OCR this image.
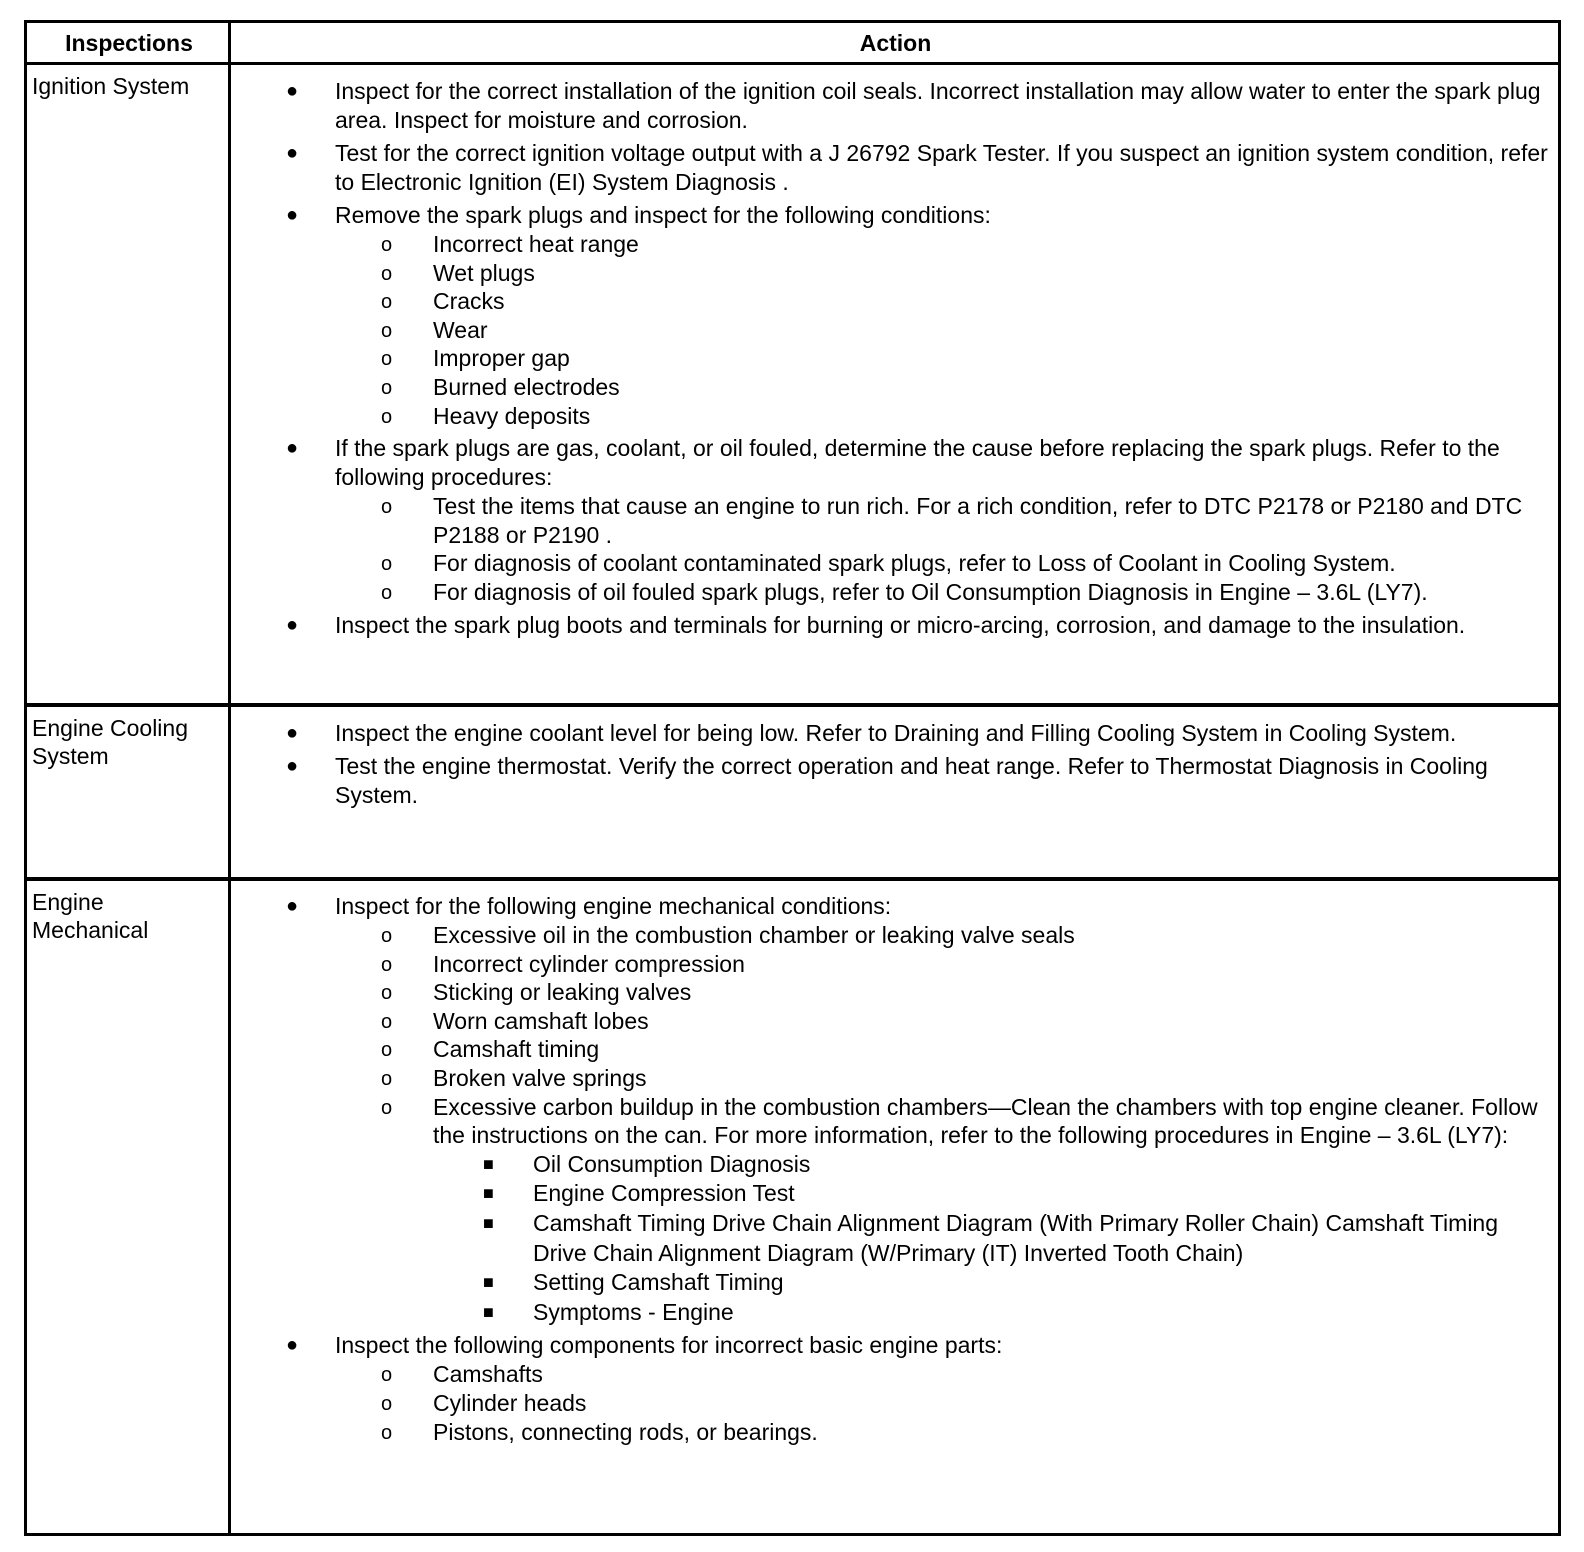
Inspections	Action
Ignition System	● Inspect for the correct installation of the ignition coil seals. Incorrect installation may allow water to enter the spark plug area. Inspect for moisture and corrosion.
● Test for the correct ignition voltage output with a J 26792 Spark Tester. If you suspect an ignition system condition, refer to Electronic Ignition (EI) System Diagnosis .
● Remove the spark plugs and inspect for the following conditions:
o Incorrect heat range
o Wet plugs
o Cracks
o Wear
o Improper gap
o Burned electrodes
o Heavy deposits
● If the spark plugs are gas, coolant, or oil fouled, determine the cause before replacing the spark plugs. Refer to the following procedures:
o Test the items that cause an engine to run rich. For a rich condition, refer to DTC P2178 or P2180 and DTC P2188 or P2190 .
o For diagnosis of coolant contaminated spark plugs, refer to Loss of Coolant in Cooling System.
o For diagnosis of oil fouled spark plugs, refer to Oil Consumption Diagnosis in Engine – 3.6L (LY7).
● Inspect the spark plug boots and terminals for burning or micro-arcing, corrosion, and damage to the insulation.
Engine Cooling System
● Inspect the engine coolant level for being low. Refer to Draining and Filling Cooling System in Cooling System.
● Test the engine thermostat. Verify the correct operation and heat range. Refer to Thermostat Diagnosis in Cooling System.
Engine Mechanical
● Inspect for the following engine mechanical conditions:
o Excessive oil in the combustion chamber or leaking valve seals
o Incorrect cylinder compression
o Sticking or leaking valves
o Worn camshaft lobes
o Camshaft timing
o Broken valve springs
o Excessive carbon buildup in the combustion chambers—Clean the chambers with top engine cleaner. Follow the instructions on the can. For more information, refer to the following procedures in Engine – 3.6L (LY7):
■ Oil Consumption Diagnosis
■ Engine Compression Test
■ Camshaft Timing Drive Chain Alignment Diagram (With Primary Roller Chain) Camshaft Timing Drive Chain Alignment Diagram (W/Primary (IT) Inverted Tooth Chain)
■ Setting Camshaft Timing
■ Symptoms - Engine
● Inspect the following components for incorrect basic engine parts:
o Camshafts
o Cylinder heads
o Pistons, connecting rods, or bearings.
